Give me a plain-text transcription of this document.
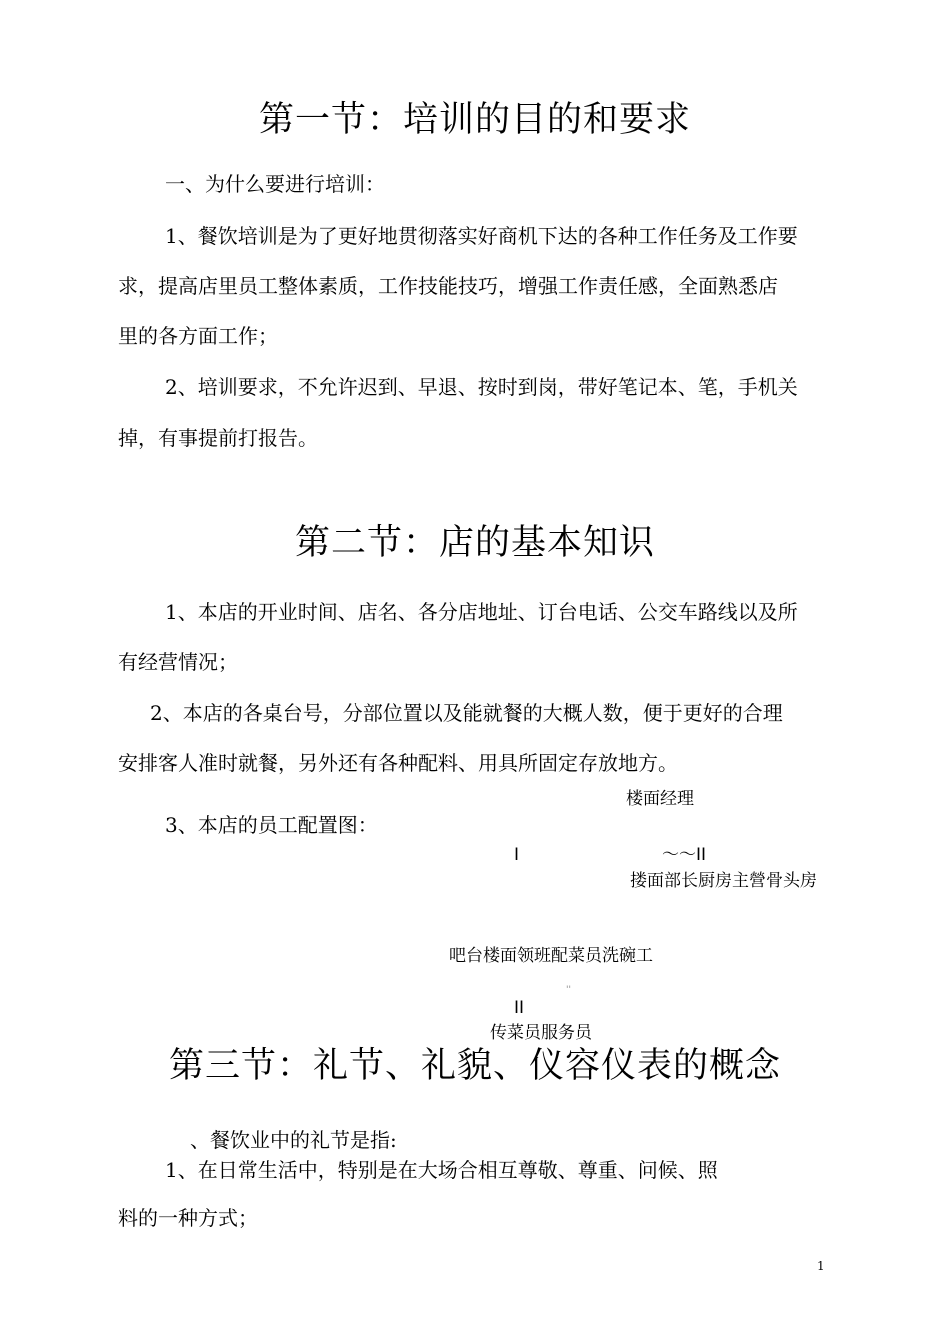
第一节：培训的目的和要求
一、为什么要进行培训：
1、餐饮培训是为了更好地贯彻落实好商机下达的各种工作任务及工作要
求，提高店里员工整体素质，工作技能技巧，增强工作责任感，全面熟悉店
里的各方面工作；
2、培训要求，不允许迟到、早退、按时到岗，带好笔记本、笔，手机关
掉，有事提前打报告。
第二节：店的基本知识
1、本店的开业时间、店名、各分店地址、订台电话、公交车路线以及所
有经营情况；
2、本店的各桌台号，分部位置以及能就餐的大概人数，便于更好的合理
安排客人准时就餐，另外还有各种配料、用具所固定存放地方。
3、本店的员工配置图：
楼面经理
I	～～II
搂面部长厨房主營骨头房
吧台楼面领班配菜员洗碗工
''
II
传菜员服务员
第三节：礼节、礼貌、仪容仪表的概念
、餐饮业中的礼节是指:
1、在日常生活中，特别是在大场合相互尊敬、尊重、问候、照
料的一种方式；
1
